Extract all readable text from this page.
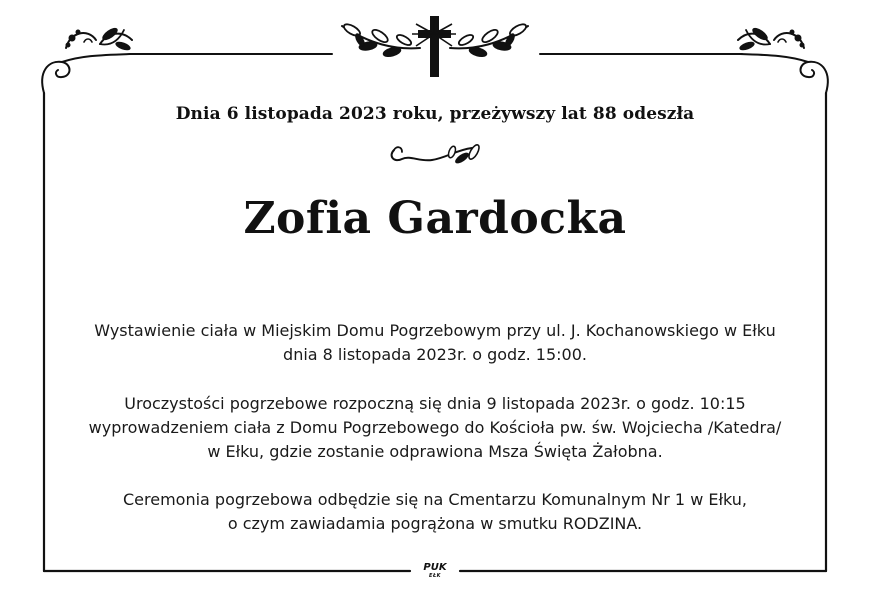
Dnia 6 listopada 2023 roku, przeżywszy lat 88 odeszła
Zofia Gardocka
Wystawienie ciała w Miejskim Domu Pogrzebowym przy ul. J. Kochanowskiego w Ełku
dnia 8 listopada 2023r. o godz. 15:00.
Uroczystości pogrzebowe rozpoczną się dnia 9 listopada 2023r. o godz. 10:15
wyprowadzeniem ciała z Domu Pogrzebowego do Kościoła pw. św. Wojciecha /Katedra/
w Ełku, gdzie zostanie odprawiona Msza Święta Żałobna.
Ceremonia pogrzebowa odbędzie się na Cmentarzu Komunalnym Nr 1 w Ełku,
o czym zawiadamia pogrążona w smutku RODZINA.
PUK
EŁK
